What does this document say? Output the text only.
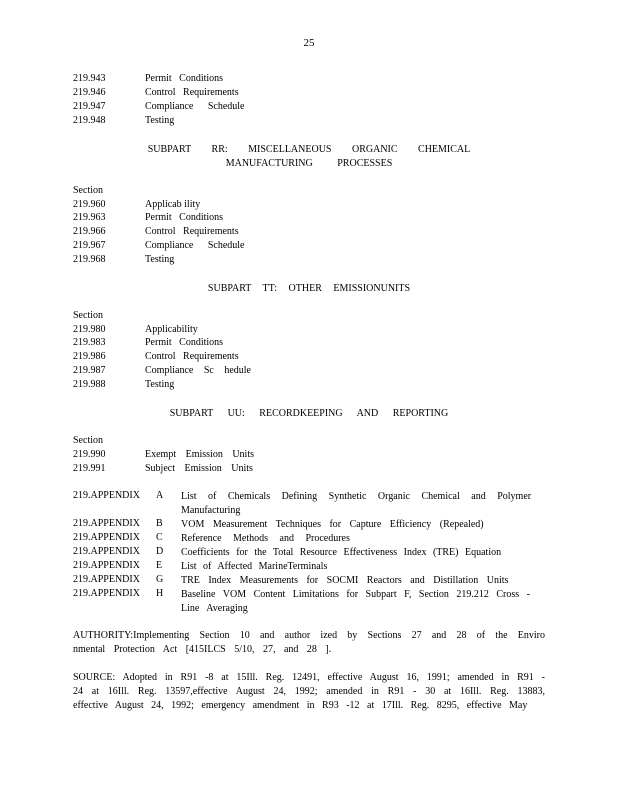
25
219.943	Permit Conditions
219.946	Control Requirements
219.947	Compliance Schedule
219.948	Testing
SUBPART RR: MISCELLANEOUS ORGANIC CHEMICAL
MANUFACTURING PROCESSES
Section
219.960	Applicab ility
219.963	Permit Conditions
219.966	Control Requirements
219.967	Compliance Schedule
219.968	Testing
SUBPART TT: OTHER EMISSIONUNITS
Section
219.980	Applicability
219.983	Permit Conditions
219.986	Control Requirements
219.987	Compliance Sc hedule
219.988	Testing
SUBPART UU: RECORDKEEPING AND REPORTING
Section
219.990	Exempt Emission Units
219.991	Subject Emission Units
219.APPENDIX A List of Chemicals Defining Synthetic Organic Chemical and Polymer Manufacturing
219.APPENDIX B VOM Measurement Techniques for Capture Efficiency (Repealed)
219.APPENDIX C Reference Methods and Procedures
219.APPENDIX D Coefficients for the Total Resource Effectiveness Index (TRE) Equation
219.APPENDIX E List of Affected MarineTerminals
219.APPENDIX G TRE Index Measurements for SOCMI Reactors and Distillation Units
219.APPENDIX H Baseline VOM Content Limitations for Subpart F, Section 219.212 Cross - Line Averaging
AUTHORITY:Implementing Section 10 and author ized by Sections 27 and 28 of the Enviro nmental Protection Act [415ILCS 5/10, 27, and 28 ].
SOURCE: Adopted in R91 -8 at 15Ill. Reg. 12491, effective August 16, 1991; amended in R91 - 24 at 16Ill. Reg. 13597,effective August 24, 1992; amended in R91 - 30 at 16Ill. Reg. 13883, effective August 24, 1992; emergency amendment in R93 -12 at 17Ill. Reg. 8295, effective May
